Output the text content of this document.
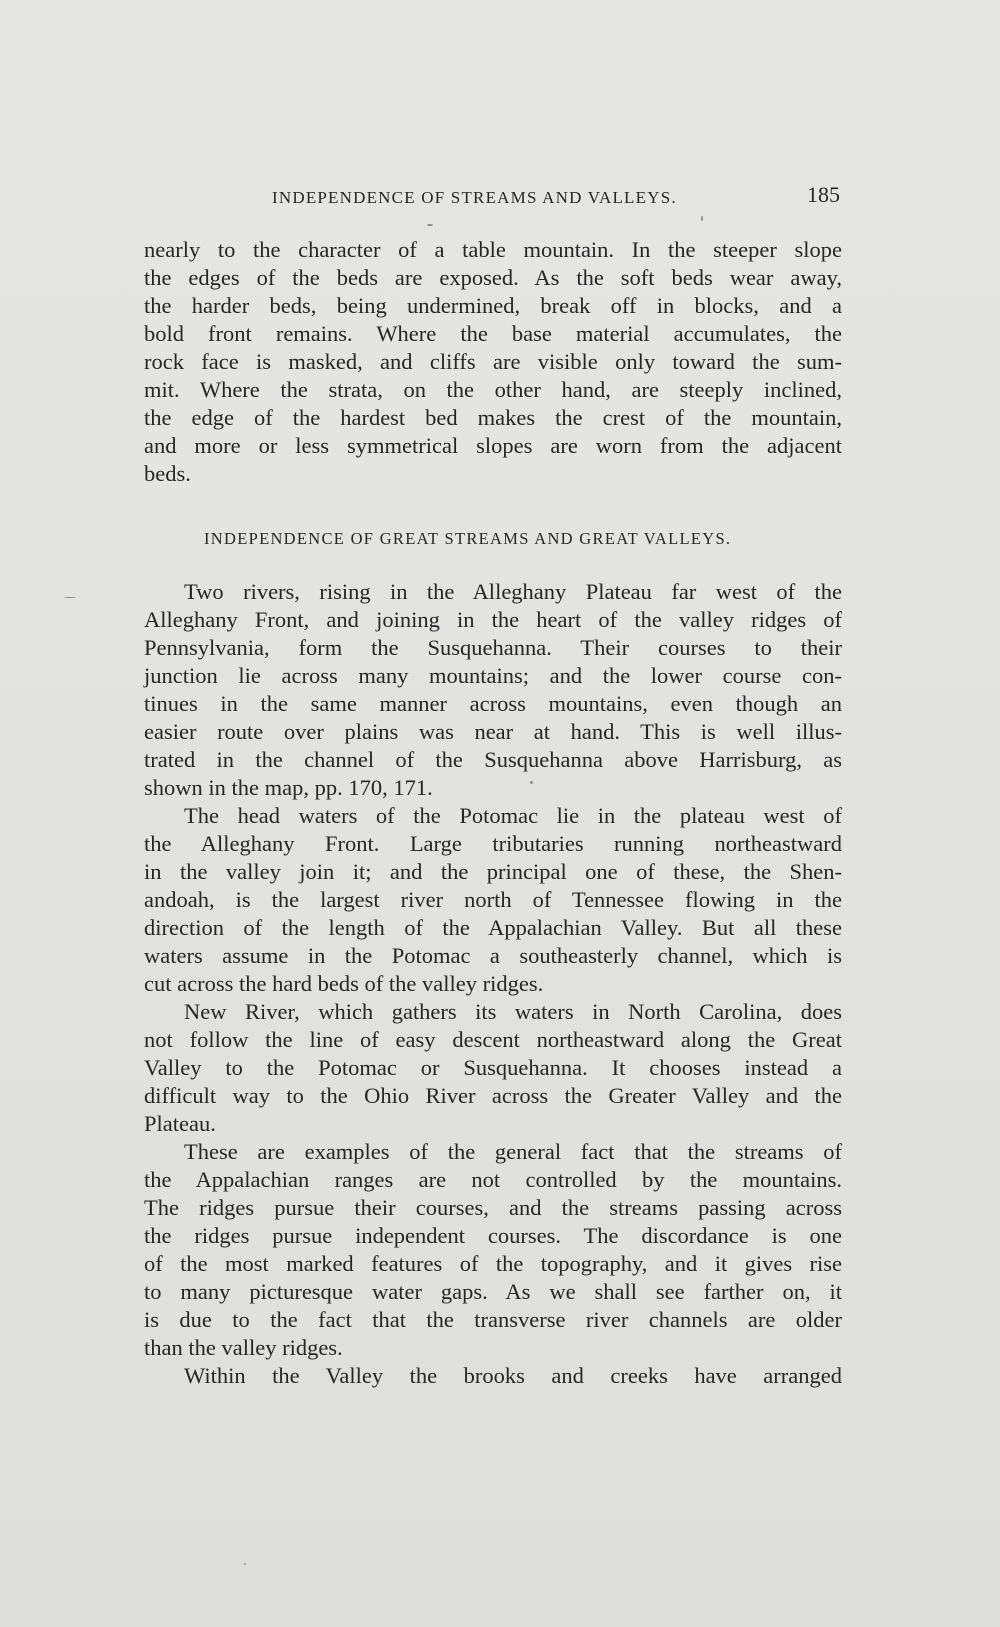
INDEPENDENCE OF STREAMS AND VALLEYS.	185
nearly to the character of a table mountain. In the steeper slope
the edges of the beds are exposed. As the soft beds wear away,
the harder beds, being undermined, break off in blocks, and a
bold front remains. Where the base material accumulates, the
rock face is masked, and cliffs are visible only toward the sum-
mit. Where the strata, on the other hand, are steeply inclined,
the edge of the hardest bed makes the crest of the mountain,
and more or less symmetrical slopes are worn from the adjacent
beds.
INDEPENDENCE OF GREAT STREAMS AND GREAT VALLEYS.
Two rivers, rising in the Alleghany Plateau far west of the
Alleghany Front, and joining in the heart of the valley ridges of
Pennsylvania, form the Susquehanna. Their courses to their
junction lie across many mountains; and the lower course con-
tinues in the same manner across mountains, even though an
easier route over plains was near at hand. This is well illus-
trated in the channel of the Susquehanna above Harrisburg, as
shown in the map, pp. 170, 171.
The head waters of the Potomac lie in the plateau west of
the Alleghany Front. Large tributaries running northeastward
in the valley join it; and the principal one of these, the Shen-
andoah, is the largest river north of Tennessee flowing in the
direction of the length of the Appalachian Valley. But all these
waters assume in the Potomac a southeasterly channel, which is
cut across the hard beds of the valley ridges.
New River, which gathers its waters in North Carolina, does
not follow the line of easy descent northeastward along the Great
Valley to the Potomac or Susquehanna. It chooses instead a
difficult way to the Ohio River across the Greater Valley and the
Plateau.
These are examples of the general fact that the streams of
the Appalachian ranges are not controlled by the mountains.
The ridges pursue their courses, and the streams passing across
the ridges pursue independent courses. The discordance is one
of the most marked features of the topography, and it gives rise
to many picturesque water gaps. As we shall see farther on, it
is due to the fact that the transverse river channels are older
than the valley ridges.
Within the Valley the brooks and creeks have arranged
